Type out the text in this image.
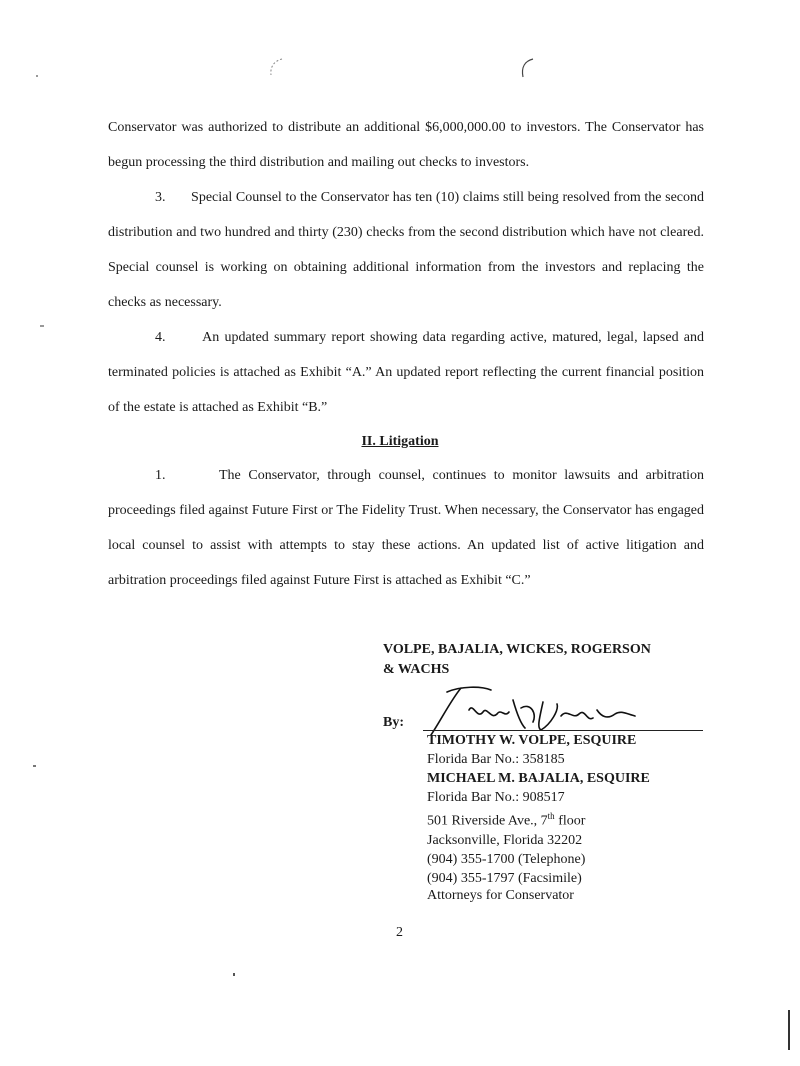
Conservator was authorized to distribute an additional $6,000,000.00 to investors. The Conservator has begun processing the third distribution and mailing out checks to investors.

3. Special Counsel to the Conservator has ten (10) claims still being resolved from the second distribution and two hundred and thirty (230) checks from the second distribution which have not cleared. Special counsel is working on obtaining additional information from the investors and replacing the checks as necessary.

4.	An updated summary report showing data regarding active, matured, legal, lapsed and terminated policies is attached as Exhibit “A.” An updated report reflecting the current financial position of the estate is attached as Exhibit “B.”

II. Litigation

1.	The Conservator, through counsel, continues to monitor lawsuits and arbitration proceedings filed against Future First or The Fidelity Trust. When necessary, the Conservator has engaged local counsel to assist with attempts to stay these actions. An updated list of active litigation and arbitration proceedings filed against Future First is attached as Exhibit “C.”

VOLPE, BAJALIA, WICKES, ROGERSON
& WACHS

By:
TIMOTHY W. VOLPE, ESQUIRE
Florida Bar No.: 358185
MICHAEL M. BAJALIA, ESQUIRE
Florida Bar No.: 908517
501 Riverside Ave., 7th floor
Jacksonville, Florida 32202
(904) 355-1700 (Telephone)
(904) 355-1797 (Facsimile)
Attorneys for Conservator
2
